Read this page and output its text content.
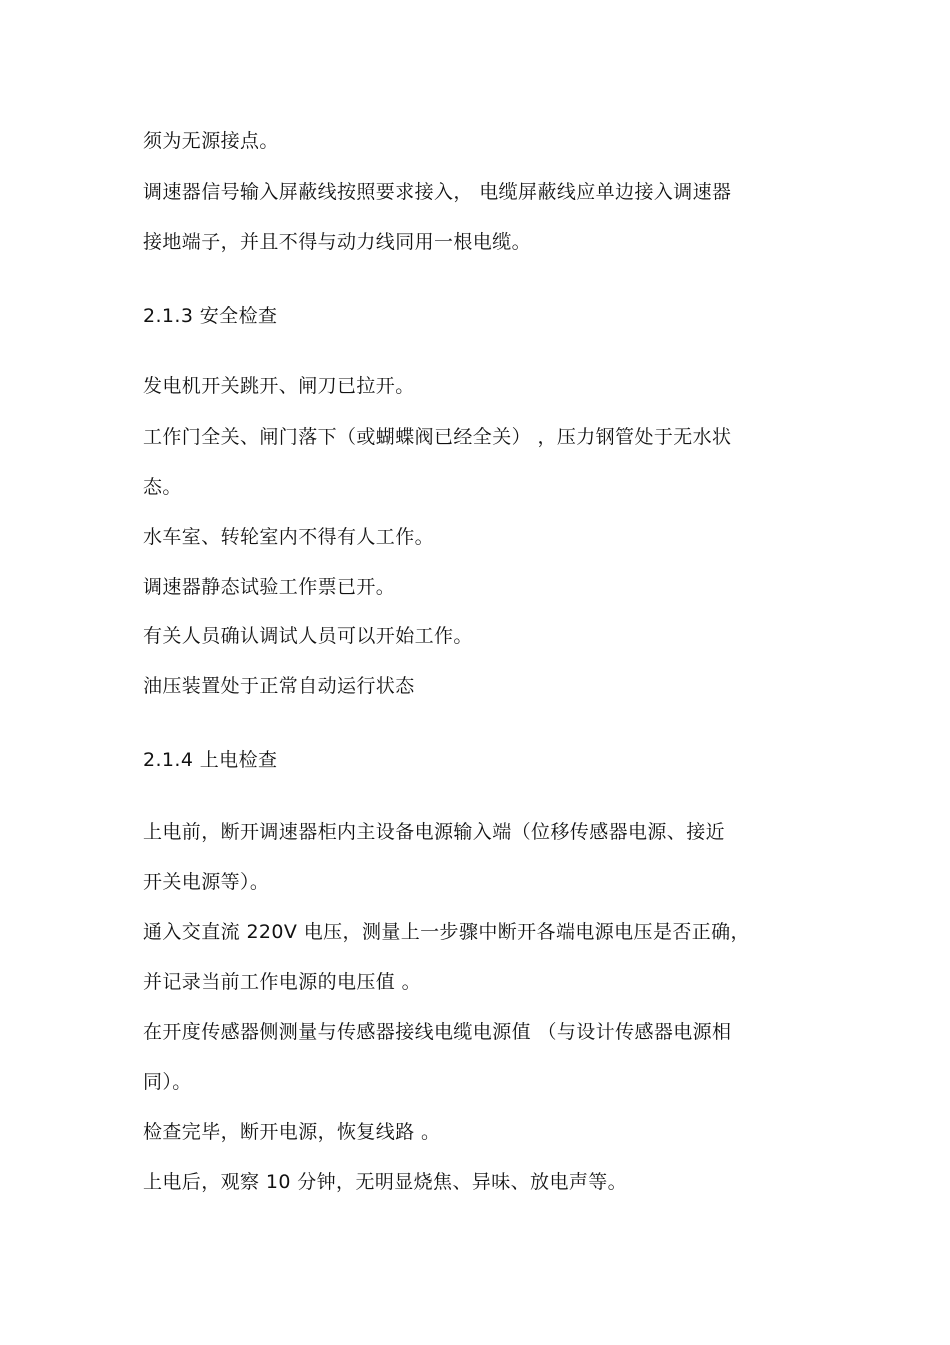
须为无源接点。
调速器信号输入屏蔽线按照要求接入， 电缆屏蔽线应单边接入调速器
接地端子，并且不得与动力线同用一根电缆。
2.1.3 安全检查
发电机开关跳开、闸刀已拉开。
工作门全关、闸门落下（或蝴蝶阀已经全关） ，压力钢管处于无水状
态。
水车室、转轮室内不得有人工作。
调速器静态试验工作票已开。
有关人员确认调试人员可以开始工作。
油压装置处于正常自动运行状态
2.1.4 上电检查
上电前，断开调速器柜内主设备电源输入端（位移传感器电源、接近
开关电源等）。
通入交直流 220V 电压，测量上一步骤中断开各端电源电压是否正确，
并记录当前工作电源的电压值 。
在开度传感器侧测量与传感器接线电缆电源值 （与设计传感器电源相
同）。
检查完毕，断开电源，恢复线路 。
上电后，观察 10 分钟，无明显烧焦、异味、放电声等。
